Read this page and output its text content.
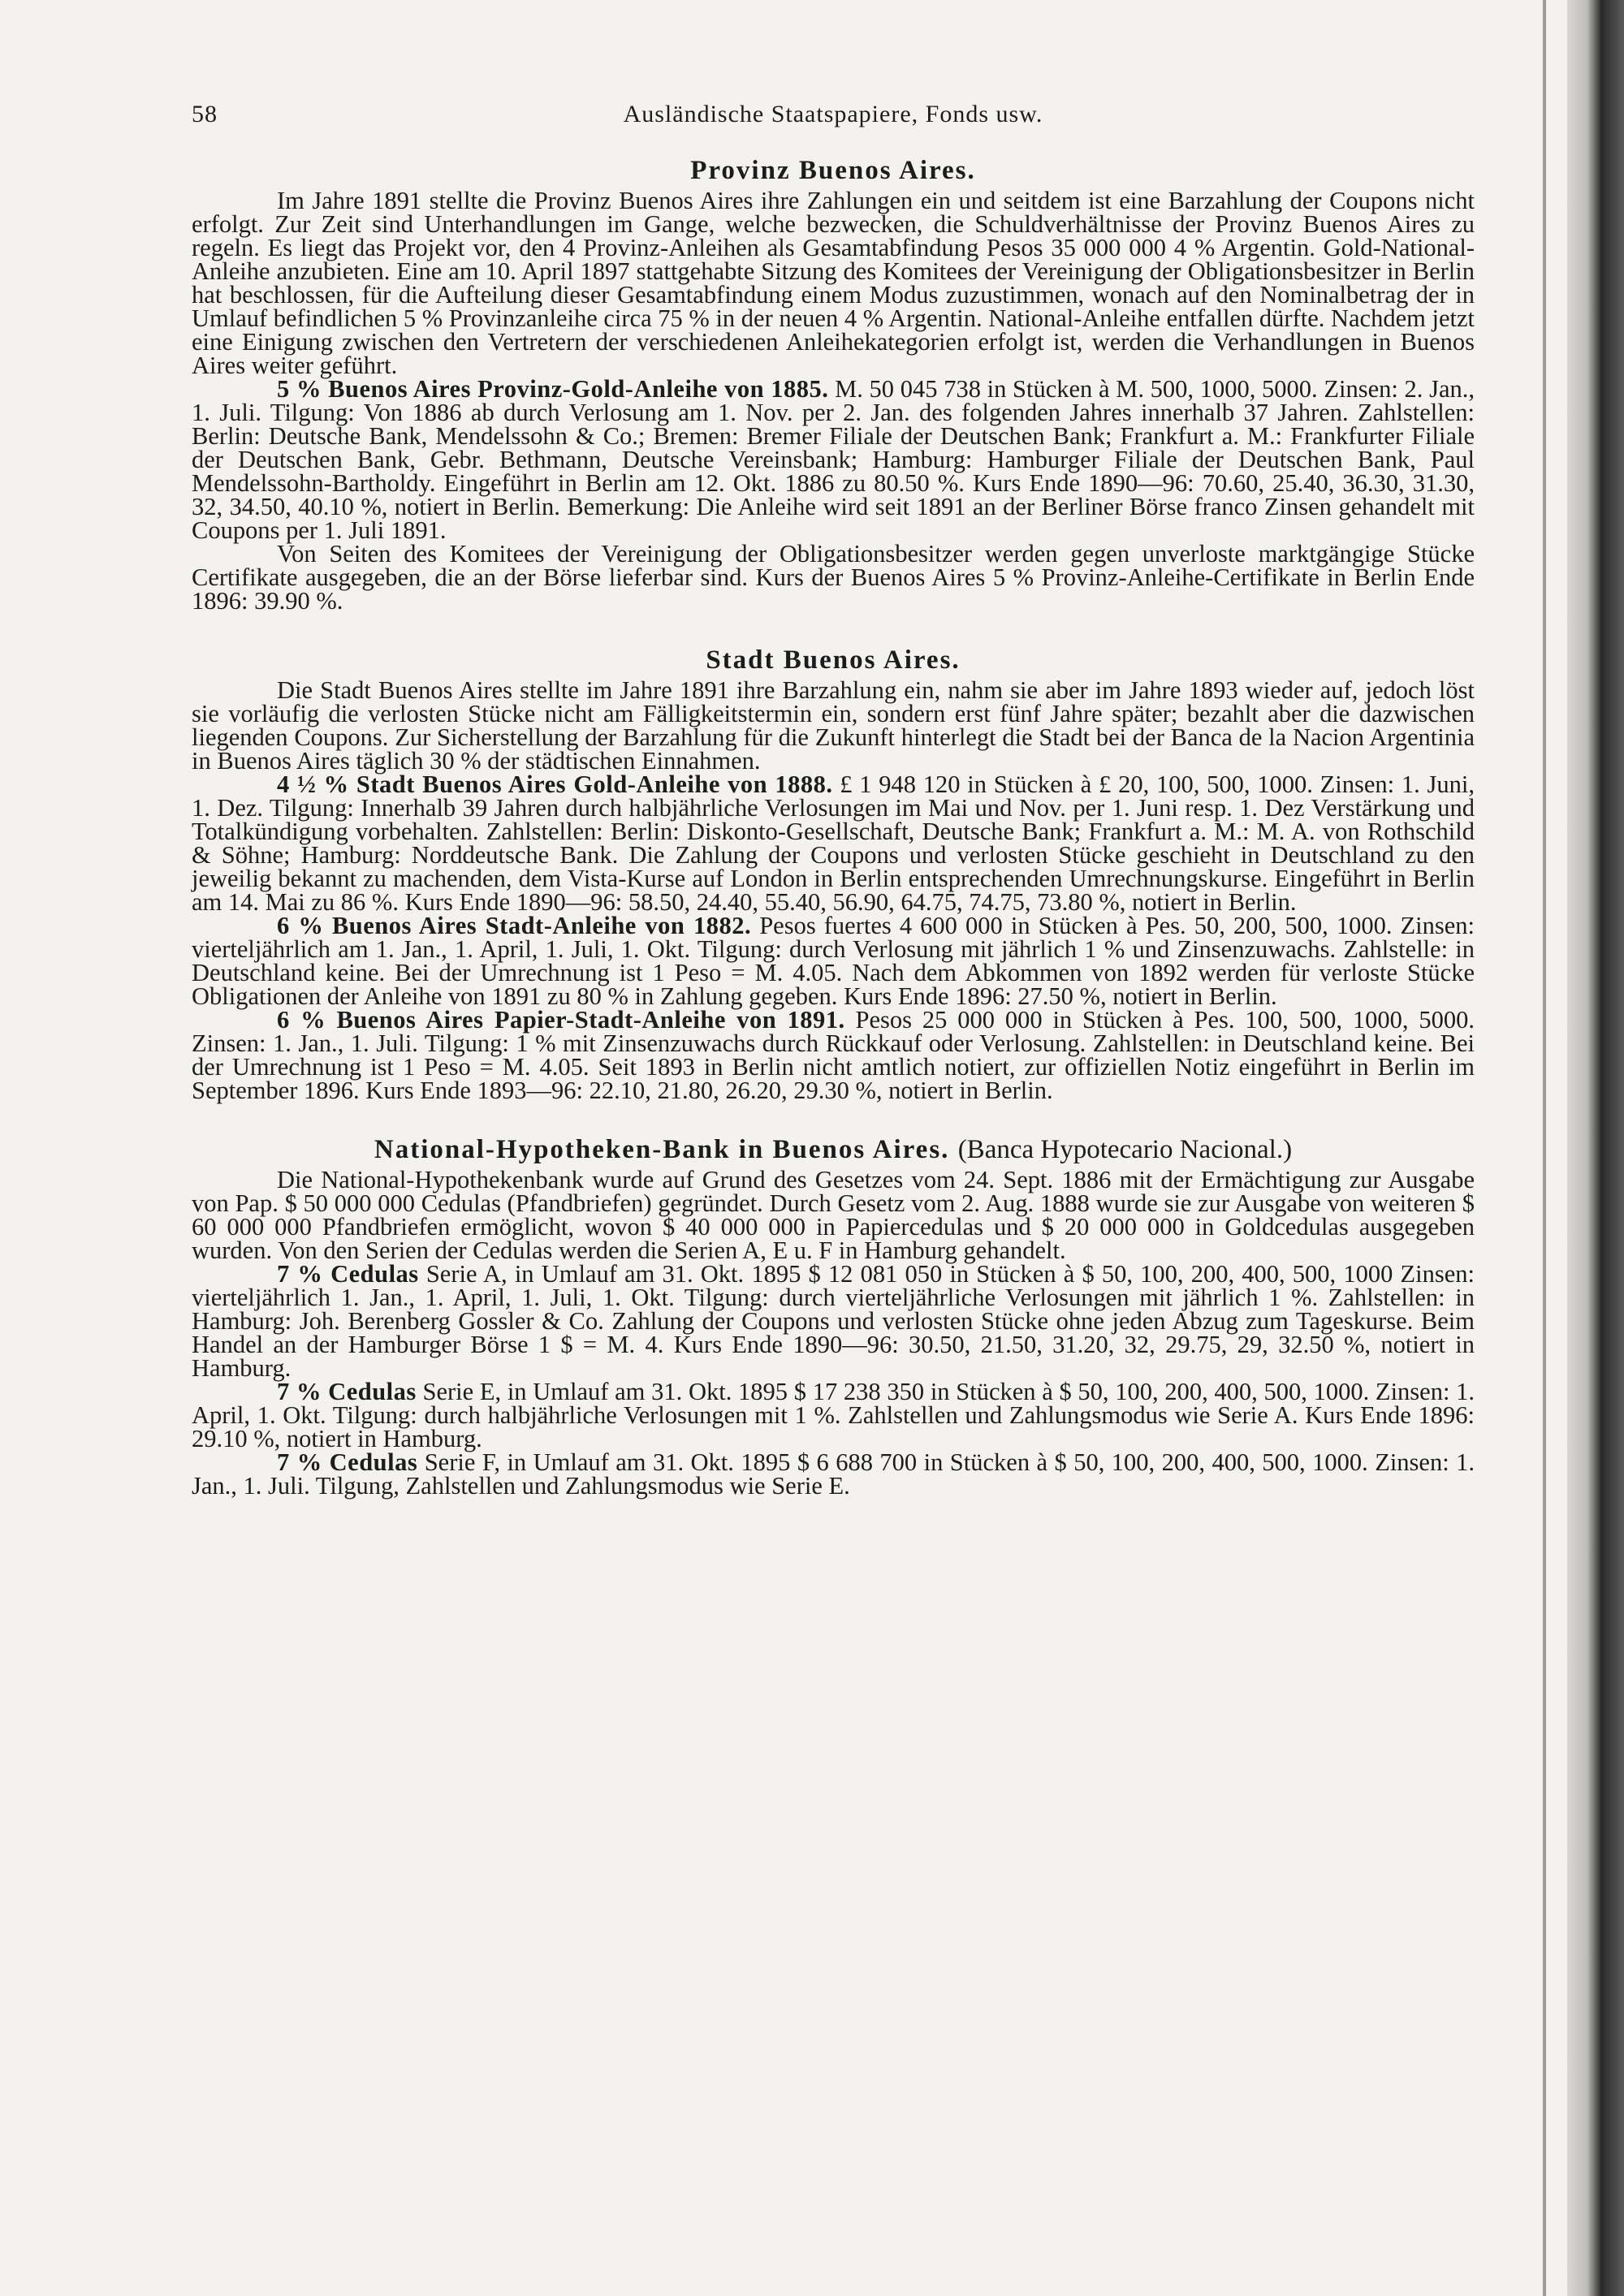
58	Ausländische Staatspapiere, Fonds usw.
Provinz Buenos Aires.

Im Jahre 1891 stellte die Provinz Buenos Aires ihre Zahlungen ein und seitdem ist eine Barzahlung der Coupons nicht erfolgt. Zur Zeit sind Unterhandlungen im Gange, welche bezwecken, die Schuldverhältnisse der Provinz Buenos Aires zu regeln. Es liegt das Projekt vor, den 4 Provinz-Anleihen als Gesamtabfindung Pesos 35 000 000 4 % Argentin. Gold-National-Anleihe anzubieten. Eine am 10. April 1897 stattgehabte Sitzung des Komitees der Vereinigung der Obligationsbesitzer in Berlin hat beschlossen, für die Aufteilung dieser Gesamtabfindung einem Modus zuzustimmen, wonach auf den Nominalbetrag der in Umlauf befindlichen 5 % Provinzanleihe circa 75 % in der neuen 4 % Argentin. National-Anleihe entfallen dürfte. Nachdem jetzt eine Einigung zwischen den Vertretern der verschiedenen Anleihekategorien erfolgt ist, werden die Verhandlungen in Buenos Aires weiter geführt.

5 % Buenos Aires Provinz-Gold-Anleihe von 1885. M. 50 045 738 in Stücken à M. 500, 1000, 5000. Zinsen: 2. Jan., 1. Juli. Tilgung: Von 1886 ab durch Verlosung am 1. Nov. per 2. Jan. des folgenden Jahres innerhalb 37 Jahren. Zahlstellen: Berlin: Deutsche Bank, Mendelssohn & Co.; Bremen: Bremer Filiale der Deutschen Bank; Frankfurt a. M.: Frankfurter Filiale der Deutschen Bank, Gebr. Bethmann, Deutsche Vereinsbank; Hamburg: Hamburger Filiale der Deutschen Bank, Paul Mendelssohn-Bartholdy. Eingeführt in Berlin am 12. Okt. 1886 zu 80.50 %. Kurs Ende 1890—96: 70.60, 25.40, 36.30, 31.30, 32, 34.50, 40.10 %, notiert in Berlin. Bemerkung: Die Anleihe wird seit 1891 an der Berliner Börse franco Zinsen gehandelt mit Coupons per 1. Juli 1891.

Von Seiten des Komitees der Vereinigung der Obligationsbesitzer werden gegen unverloste marktgängige Stücke Certifikate ausgegeben, die an der Börse lieferbar sind. Kurs der Buenos Aires 5 % Provinz-Anleihe-Certifikate in Berlin Ende 1896: 39.90 %.

Stadt Buenos Aires.

Die Stadt Buenos Aires stellte im Jahre 1891 ihre Barzahlung ein, nahm sie aber im Jahre 1893 wieder auf, jedoch löst sie vorläufig die verlosten Stücke nicht am Fälligkeitstermin ein, sondern erst fünf Jahre später; bezahlt aber die dazwischen liegenden Coupons. Zur Sicherstellung der Barzahlung für die Zukunft hinterlegt die Stadt bei der Banca de la Nacion Argentinia in Buenos Aires täglich 30 % der städtischen Einnahmen.

4 ½ % Stadt Buenos Aires Gold-Anleihe von 1888. £ 1 948 120 in Stücken à £ 20, 100, 500, 1000. Zinsen: 1. Juni, 1. Dez. Tilgung: Innerhalb 39 Jahren durch halbjährliche Verlosungen im Mai und Nov. per 1. Juni resp. 1. Dez Verstärkung und Totalkündigung vorbehalten. Zahlstellen: Berlin: Diskonto-Gesellschaft, Deutsche Bank; Frankfurt a. M.: M. A. von Rothschild & Söhne; Hamburg: Norddeutsche Bank. Die Zahlung der Coupons und verlosten Stücke geschieht in Deutschland zu den jeweilig bekannt zu machenden, dem Vista-Kurse auf London in Berlin entsprechenden Umrechnungskurse. Eingeführt in Berlin am 14. Mai zu 86 %. Kurs Ende 1890—96: 58.50, 24.40, 55.40, 56.90, 64.75, 74.75, 73.80 %, notiert in Berlin.

6 % Buenos Aires Stadt-Anleihe von 1882. Pesos fuertes 4 600 000 in Stücken à Pes. 50, 200, 500, 1000. Zinsen: vierteljährlich am 1. Jan., 1. April, 1. Juli, 1. Okt. Tilgung: durch Verlosung mit jährlich 1 % und Zinsenzuwachs. Zahlstelle: in Deutschland keine. Bei der Umrechnung ist 1 Peso = M. 4.05. Nach dem Abkommen von 1892 werden für verloste Stücke Obligationen der Anleihe von 1891 zu 80 % in Zahlung gegeben. Kurs Ende 1896: 27.50 %, notiert in Berlin.

6 % Buenos Aires Papier-Stadt-Anleihe von 1891. Pesos 25 000 000 in Stücken à Pes. 100, 500, 1000, 5000. Zinsen: 1. Jan., 1. Juli. Tilgung: 1 % mit Zinsenzuwachs durch Rückkauf oder Verlosung. Zahlstellen: in Deutschland keine. Bei der Umrechnung ist 1 Peso = M. 4.05. Seit 1893 in Berlin nicht amtlich notiert, zur offiziellen Notiz eingeführt in Berlin im September 1896. Kurs Ende 1893—96: 22.10, 21.80, 26.20, 29.30 %, notiert in Berlin.

National-Hypotheken-Bank in Buenos Aires. (Banca Hypotecario Nacional.)

Die National-Hypothekenbank wurde auf Grund des Gesetzes vom 24. Sept. 1886 mit der Ermächtigung zur Ausgabe von Pap. $ 50 000 000 Cedulas (Pfandbriefen) gegründet. Durch Gesetz vom 2. Aug. 1888 wurde sie zur Ausgabe von weiteren $ 60 000 000 Pfandbriefen ermöglicht, wovon $ 40 000 000 in Papiercedulas und $ 20 000 000 in Goldcedulas ausgegeben wurden. Von den Serien der Cedulas werden die Serien A, E u. F in Hamburg gehandelt.

7 % Cedulas Serie A, in Umlauf am 31. Okt. 1895 $ 12 081 050 in Stücken à $ 50, 100, 200, 400, 500, 1000 Zinsen: vierteljährlich 1. Jan., 1. April, 1. Juli, 1. Okt. Tilgung: durch vierteljährliche Verlosungen mit jährlich 1 %. Zahlstellen: in Hamburg: Joh. Berenberg Gossler & Co. Zahlung der Coupons und verlosten Stücke ohne jeden Abzug zum Tageskurse. Beim Handel an der Hamburger Börse 1 $ = M. 4. Kurs Ende 1890—96: 30.50, 21.50, 31.20, 32, 29.75, 29, 32.50 %, notiert in Hamburg.

7 % Cedulas Serie E, in Umlauf am 31. Okt. 1895 $ 17 238 350 in Stücken à $ 50, 100, 200, 400, 500, 1000. Zinsen: 1. April, 1. Okt. Tilgung: durch halbjährliche Verlosungen mit 1 %. Zahlstellen und Zahlungsmodus wie Serie A. Kurs Ende 1896: 29.10 %, notiert in Hamburg.

7 % Cedulas Serie F, in Umlauf am 31. Okt. 1895 $ 6 688 700 in Stücken à $ 50, 100, 200, 400, 500, 1000. Zinsen: 1. Jan., 1. Juli. Tilgung, Zahlstellen und Zahlungsmodus wie Serie E.
